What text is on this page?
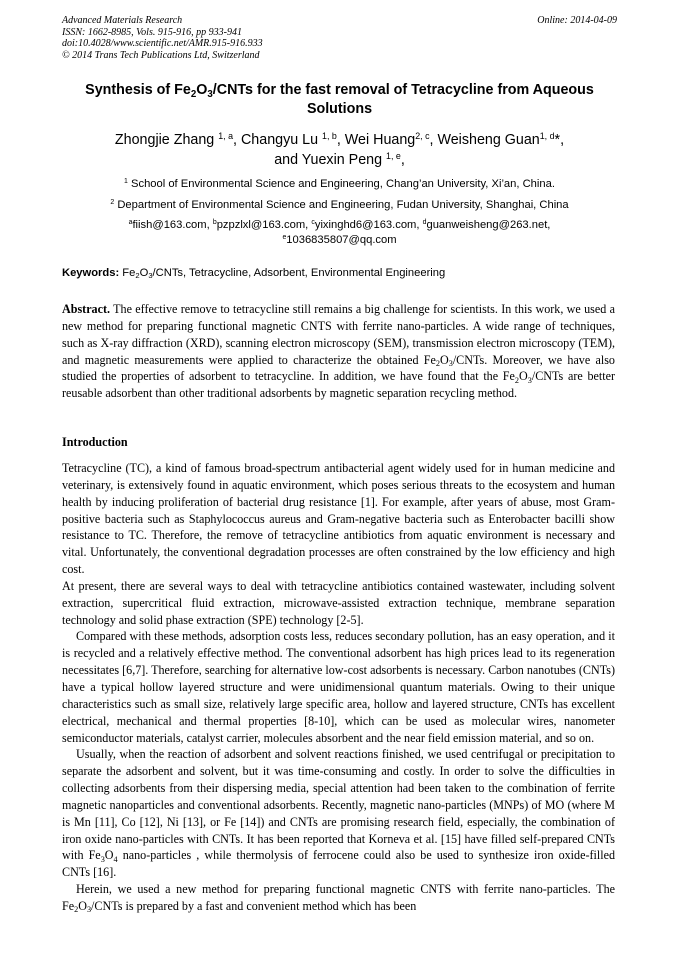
Advanced Materials Research
ISSN: 1662-8985, Vols. 915-916, pp 933-941
doi:10.4028/www.scientific.net/AMR.915-916.933
© 2014 Trans Tech Publications Ltd, Switzerland
Online: 2014-04-09
Synthesis of $Fe_2O_3$/CNTs for the fast removal of Tetracycline from Aqueous Solutions
Zhongjie Zhang $^{1, a}$, Changyu Lu $^{1, b}$, Wei Huang$^{2, c}$, Weisheng Guan$^{1, d}$*,
and Yuexin Peng $^{1, e}$,
$^1$ School of Environmental Science and Engineering, Chang’an University, Xi’an, China.
$^2$ Department of Environmental Science and Engineering, Fudan University, Shanghai, China
$^a$fiish@163.com, $^b$pzpzlxl@163.com, $^c$yixinghd6@163.com, $^d$guanweisheng@263.net,
$^e$1036835807@qq.com
Keywords: $Fe_2O_3$/CNTs, Tetracycline, Adsorbent, Environmental Engineering
Abstract. The effective remove to tetracycline still remains a big challenge for scientists. In this work, we used a new method for preparing functional magnetic CNTS with ferrite nano-particles. A wide range of techniques, such as X-ray diffraction (XRD), scanning electron microscopy (SEM), transmission electron microscopy (TEM), and magnetic measurements were applied to characterize the obtained $Fe_2O_3$/CNTs. Moreover, we have also studied the properties of adsorbent to tetracycline. In addition, we have found that the $Fe_2O_3$/CNTs are better reusable adsorbent than other traditional adsorbents by magnetic separation recycling method.
Introduction

Tetracycline (TC), a kind of famous broad-spectrum antibacterial agent widely used for in human medicine and veterinary, is extensively found in aquatic environment, which poses serious threats to the ecosystem and human health by inducing proliferation of bacterial drug resistance [1]. For example, after years of abuse, most Gram-positive bacteria such as Staphylococcus aureus and Gram-negative bacteria such as Enterobacter bacilli show resistance to TC. Therefore, the remove of tetracycline antibiotics from aquatic environment is necessary and vital. Unfortunately, the conventional degradation processes are often constrained by the low efficiency and high cost.

At present, there are several ways to deal with tetracycline antibiotics contained wastewater, including solvent extraction, supercritical fluid extraction, microwave-assisted extraction technique, membrane separation technology and solid phase extraction (SPE) technology [2-5].

Compared with these methods, adsorption costs less, reduces secondary pollution, has an easy operation, and it is recycled and a relatively effective method. The conventional adsorbent has high prices lead to its regeneration necessitates [6,7]. Therefore, searching for alternative low-cost adsorbents is necessary. Carbon nanotubes (CNTs) have a typical hollow layered structure and were unidimensional quantum materials. Owing to their unique characteristics such as small size, relatively large specific area, hollow and layered structure, CNTs has excellent electrical, mechanical and thermal properties [8-10], which can be used as molecular wires, nanometer semiconductor materials, catalyst carrier, molecules absorbent and the near field emission material, and so on.

Usually, when the reaction of adsorbent and solvent reactions finished, we used centrifugal or precipitation to separate the adsorbent and solvent, but it was time-consuming and costly. In order to solve the difficulties in collecting adsorbents from their dispersing media, special attention had been taken to the combination of ferrite magnetic nanoparticles and conventional adsorbents. Recently, magnetic nano-particles (MNPs) of MO (where M is Mn [11], Co [12], Ni [13], or Fe [14]) and CNTs are promising research field, especially, the combination of iron oxide nano-particles with CNTs. It has been reported that Korneva et al. [15] have filled self-prepared CNTs with $Fe_3O_4$ nano-particles , while thermolysis of ferrocene could also be used to synthesize iron oxide-filled CNTs [16].

Herein, we used a new method for preparing functional magnetic CNTS with ferrite nano-particles. The $Fe_2O_3$/CNTs is prepared by a fast and convenient method which has been
